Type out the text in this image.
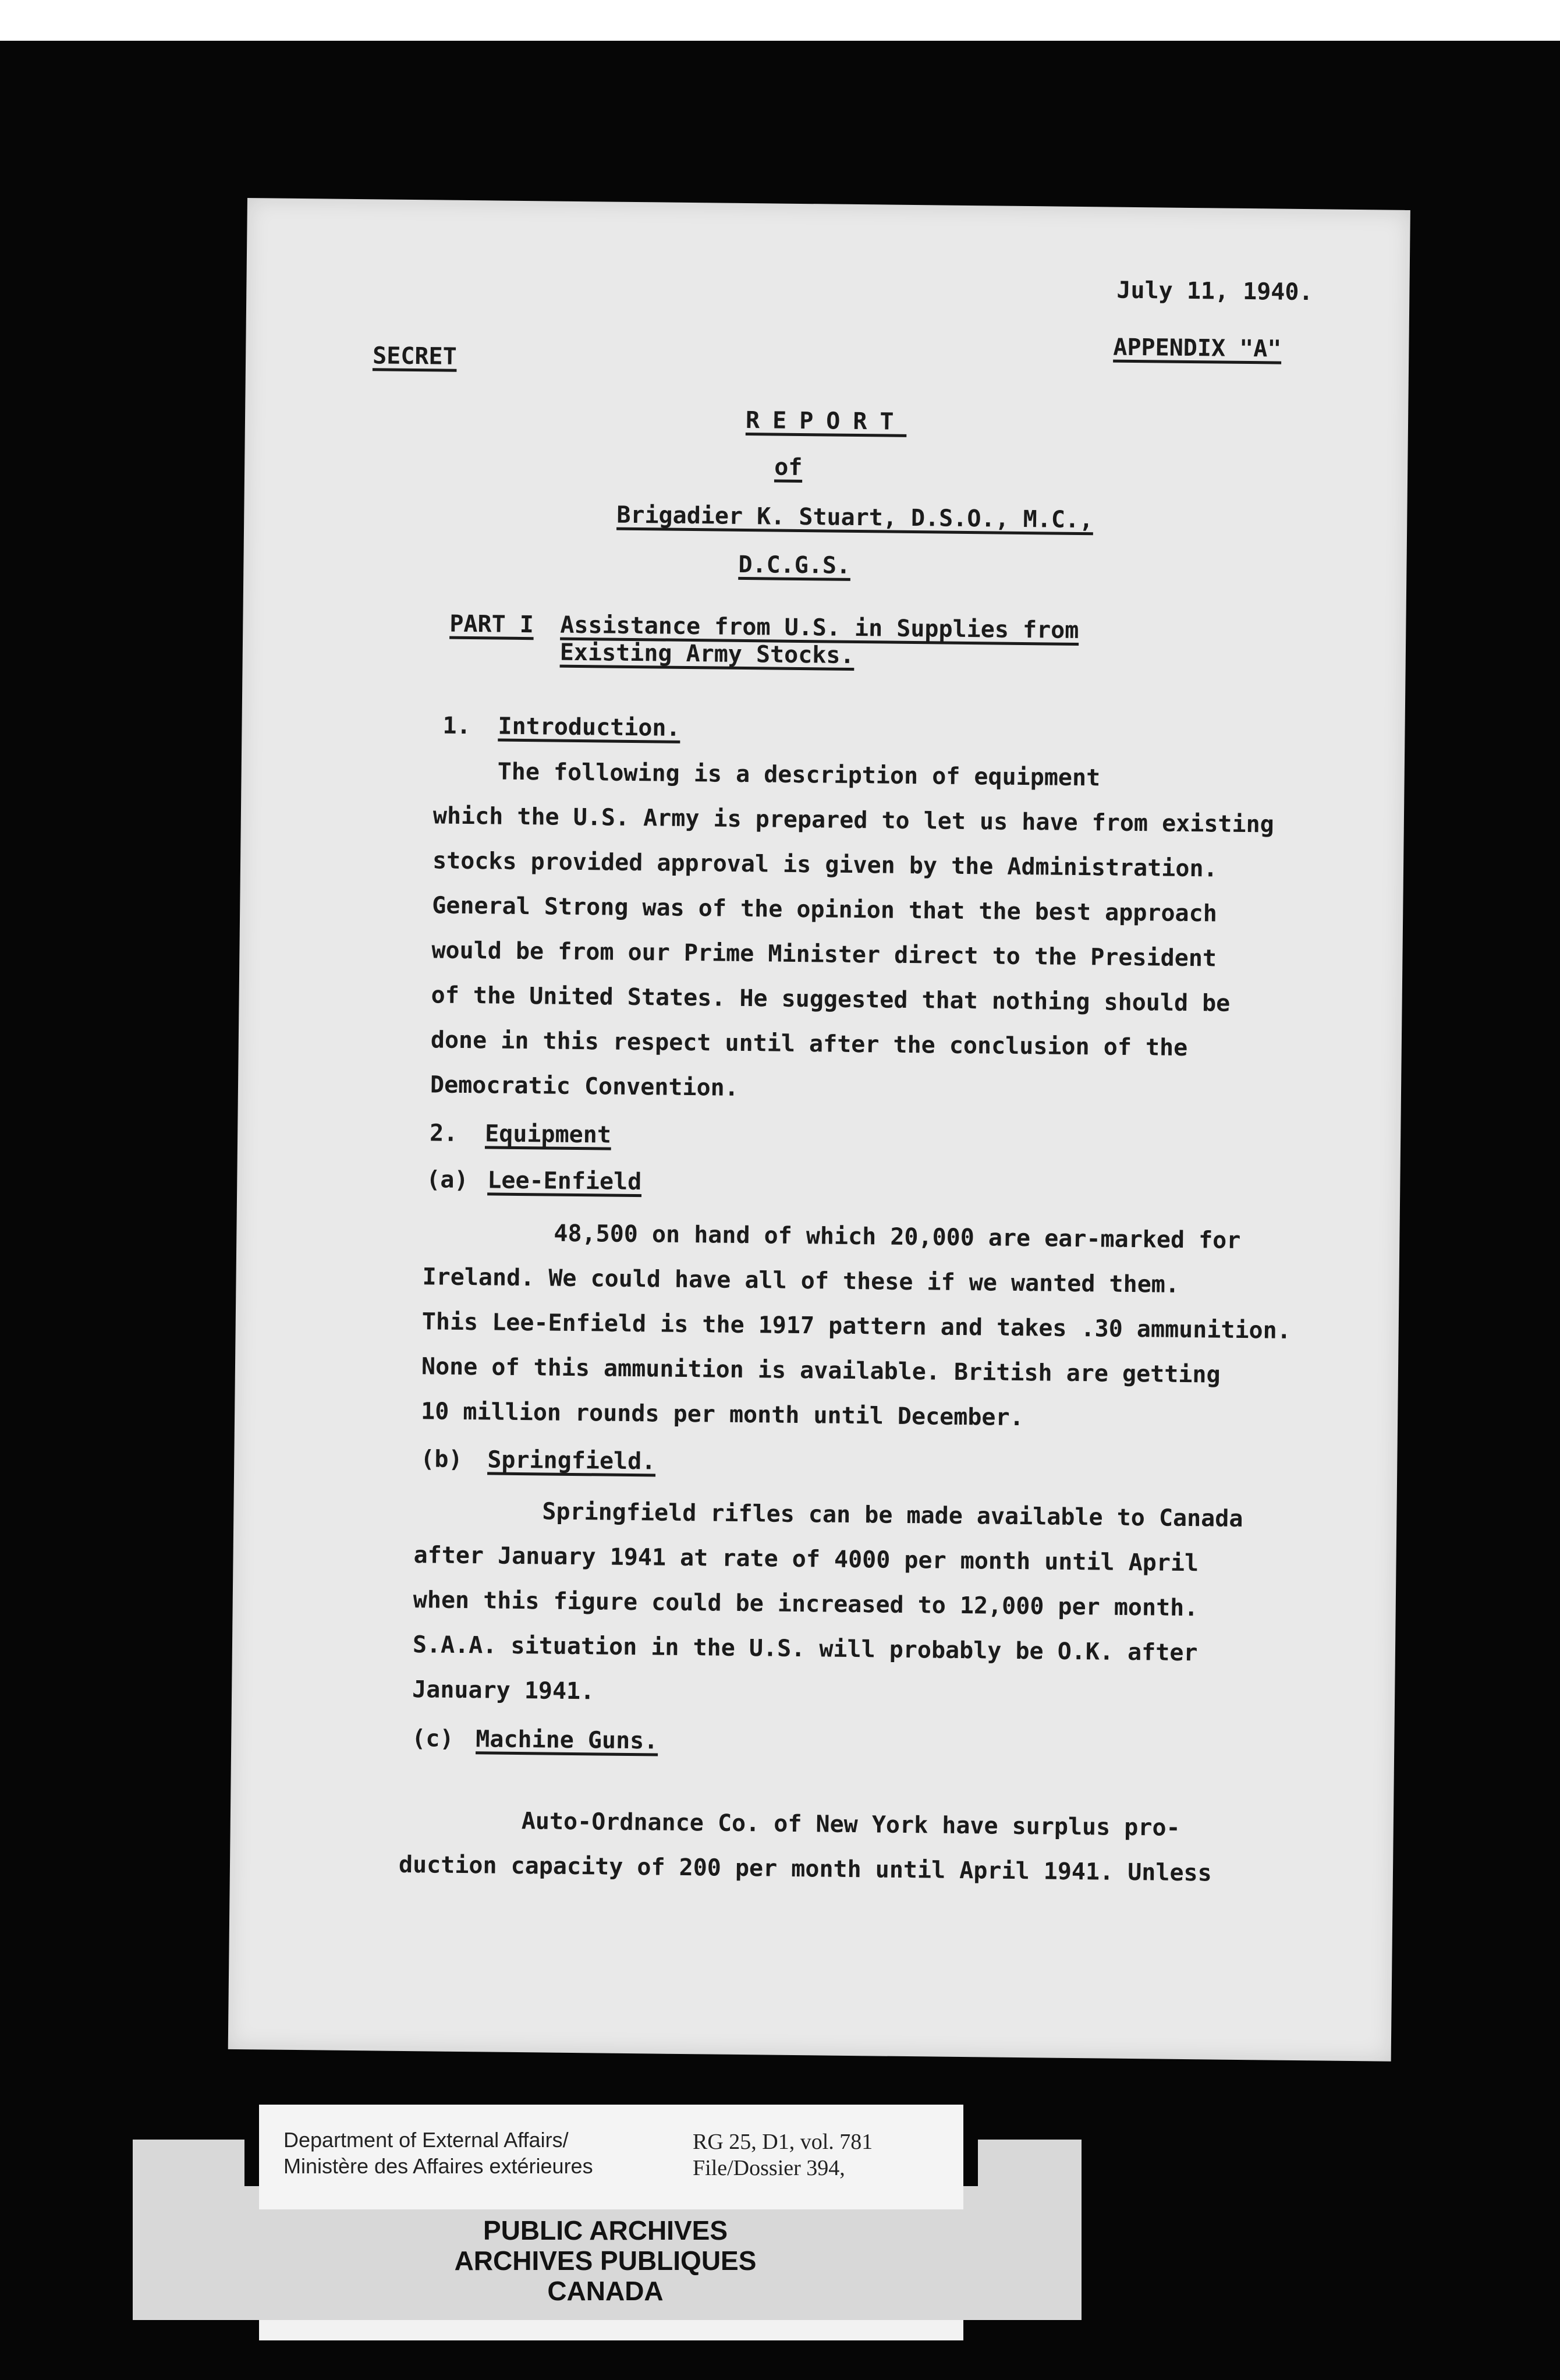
July 11, 1940.

APPENDIX "A"

SECRET

REPORT

of

Brigadier K. Stuart, D.S.O., M.C.,

D.C.G.S.

PART I Assistance from U.S. in Supplies from

Existing Army Stocks.

1. Introduction.

The following is a description of equipment

which the U.S. Army is prepared to let us have from existing

stocks provided approval is given by the Administration.

General Strong was of the opinion that the best approach

would be from our Prime Minister direct to the President

of the United States. He suggested that nothing should be

done in this respect until after the conclusion of the

Democratic Convention.

2. Equipment

(a) Lee-Enfield

48,500 on hand of which 20,000 are ear-marked for

Ireland. We could have all of these if we wanted them.

This Lee-Enfield is the 1917 pattern and takes .30 ammunition.

None of this ammunition is available. British are getting

10 million rounds per month until December.

(b) Springfield.

Springfield rifles can be made available to Canada

after January 1941 at rate of 4000 per month until April

when this figure could be increased to 12,000 per month.

S.A.A. situation in the U.S. will probably be O.K. after

January 1941.

(c) Machine Guns.

Auto-Ordnance Co. of New York have surplus pro-

duction capacity of 200 per month until April 1941. Unless

Department of External Affairs/

Ministère des Affaires extérieures

RG 25, D1, vol. 781

File/Dossier 394,

PUBLIC ARCHIVES
ARCHIVES PUBLIQUES
CANADA
